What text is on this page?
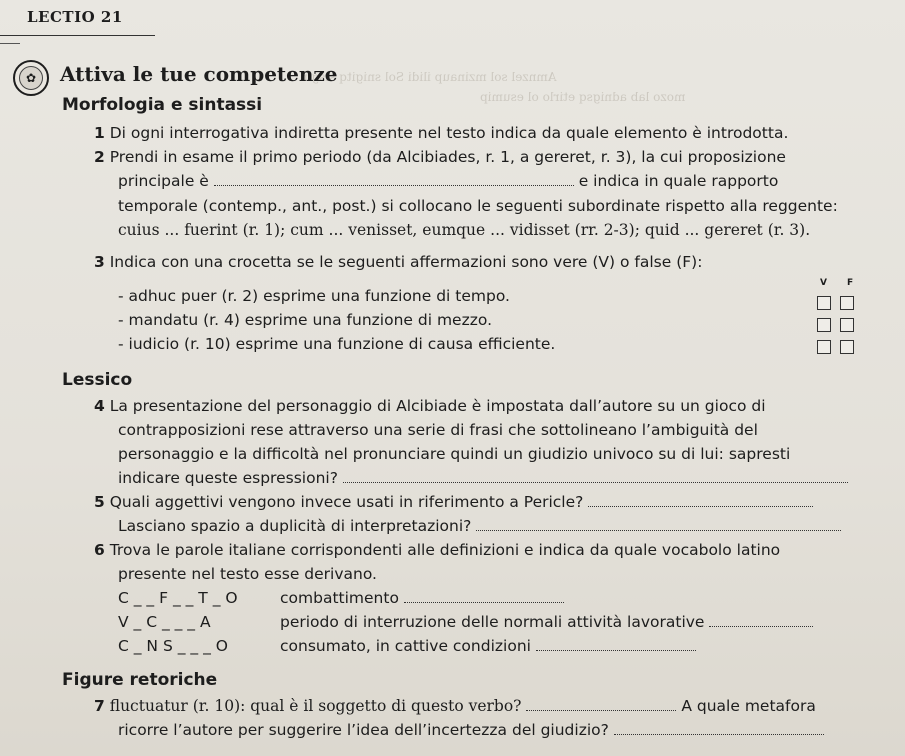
Amnzel sol mzinaup ilidi Sol snigitq sisgin
mozo lab adnigsq etirlo ol esumip
LECTIO 21
✿	Attiva le tue competenze
Morfologia e sintassi
1 Di ogni interrogativa indiretta presente nel testo indica da quale elemento è introdotta.
2 Prendi in esame il primo periodo (da Alcibiades, r. 1, a gereret, r. 3), la cui proposizione
principale è	e indica in quale rapporto
temporale (contemp., ant., post.) si collocano le seguenti subordinate rispetto alla reggente:
cuius ... fuerint (r. 1); cum ... venisset, eumque ... vidisset (rr. 2-3); quid ... gereret (r. 3).
3 Indica con una crocetta se le seguenti affermazioni sono vere (V) o false (F):
V F
- adhuc puer (r. 2) esprime una funzione di tempo.
- mandatu (r. 4) esprime una funzione di mezzo.
- iudicio (r. 10) esprime una funzione di causa efficiente.
Lessico
4 La presentazione del personaggio di Alcibiade è impostata dall’autore su un gioco di
contrapposizioni rese attraverso una serie di frasi che sottolineano l’ambiguità del
personaggio e la difficoltà nel pronunciare quindi un giudizio univoco su di lui: sapresti
indicare queste espressioni?
5 Quali aggettivi vengono invece usati in riferimento a Pericle?
Lasciano spazio a duplicità di interpretazioni?
6 Trova le parole italiane corrispondenti alle definizioni e indica da quale vocabolo latino
presente nel testo esse derivano.
C _ _ F _ _ T _ O	combattimento
V _ C _ _ _ A	periodo di interruzione delle normali attività lavorative
C _ N S _ _ _ O	consumato, in cattive condizioni
Figure retoriche
7 fluctuatur (r. 10): qual è il soggetto di questo verbo?	A quale metafora
ricorre l’autore per suggerire l’idea dell’incertezza del giudizio?
